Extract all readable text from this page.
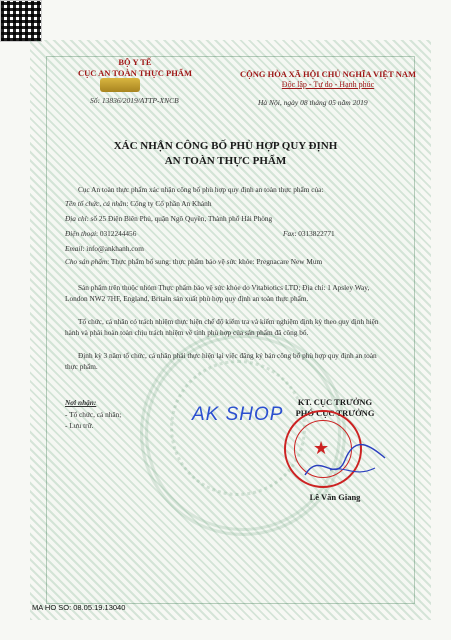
BỘ Y TẾ
CỤC AN TOÀN THỰC PHẨM
Số: 13836/2019/ATTP-XNCB
CỘNG HÒA XÃ HỘI CHỦ NGHĨA VIỆT NAM
Độc lập - Tự do - Hạnh phúc
Hà Nội, ngày 08 tháng 05 năm 2019
XÁC NHẬN CÔNG BỐ PHÙ HỢP QUY ĐỊNH
AN TOÀN THỰC PHẨM
Cục An toàn thực phẩm xác nhận công bố phù hợp quy định an toàn thực phẩm của:
Tên tổ chức, cá nhân: Công ty Cổ phần An Khánh
Địa chỉ: số 25 Điện Biên Phủ, quận Ngô Quyền, Thành phố Hải Phòng
Điện thoại: 0312244456	Fax: 0313822771
Email: info@ankhanh.com
Cho sản phẩm: Thực phẩm bổ sung: thực phẩm bảo vệ sức khỏe: Pregnacare New Mum
Sản phẩm trên thuộc nhóm Thực phẩm bảo vệ sức khỏe do Vitabiotics LTD; Địa chỉ: 1 Apsley Way, London NW2 7HF, England, Britain sản xuất phù hợp quy định an toàn thực phẩm.
Tổ chức, cá nhân có trách nhiệm thực hiện chế độ kiểm tra và kiểm nghiệm định kỳ theo quy định hiện hành và phải hoàn toàn chịu trách nhiệm về tính phù hợp của sản phẩm đã công bố.
Định kỳ 3 năm tổ chức, cá nhân phải thực hiện lại việc đăng ký bản công bố phù hợp quy định an toàn thực phẩm.
Nơi nhận:
- Tổ chức, cá nhân;
- Lưu trữ.
AK SHOP
KT. CỤC TRƯỞNG
PHÓ CỤC TRƯỞNG
★
Lê Văn Giang
MA HO SO: 08.05.19.13040
